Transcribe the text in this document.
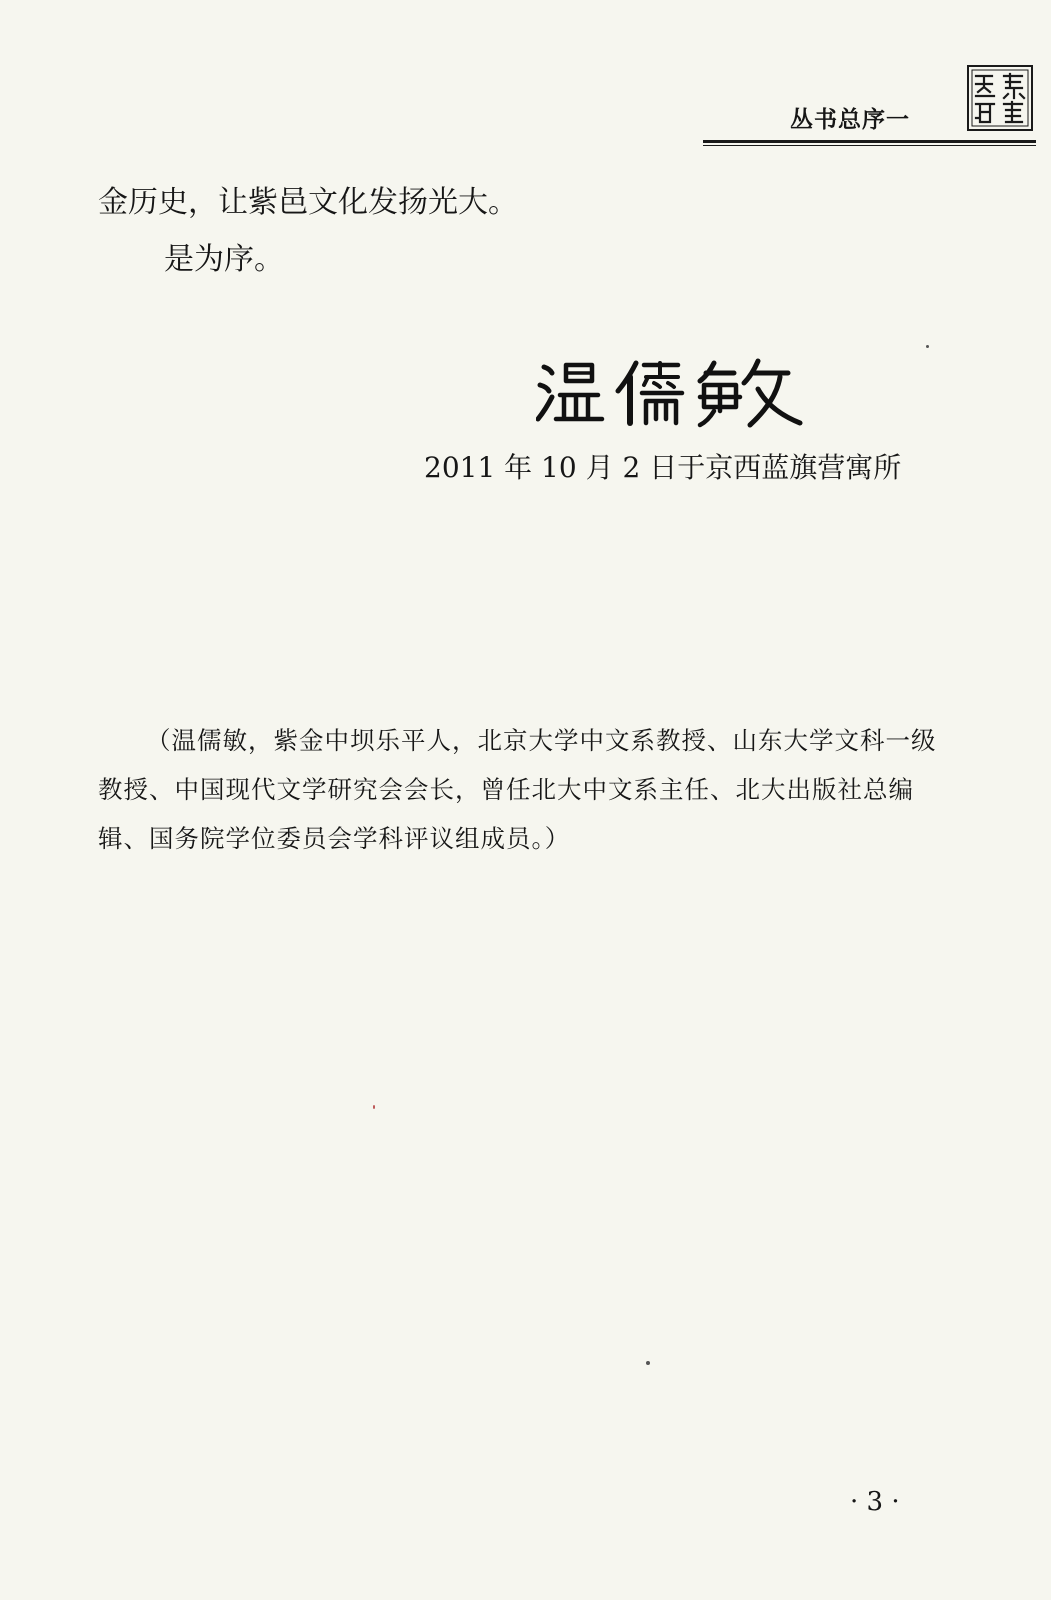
丛书总序一
金历史，让紫邑文化发扬光大。
是为序。
2011 年 10 月 2 日于京西蓝旗营寓所

（温儒敏，紫金中坝乐平人，北京大学中文系教授、山东大学文科一级教授、中国现代文学研究会会长，曾任北大中文系主任、北大出版社总编辑、国务院学位委员会学科评议组成员。）

· 3 ·
